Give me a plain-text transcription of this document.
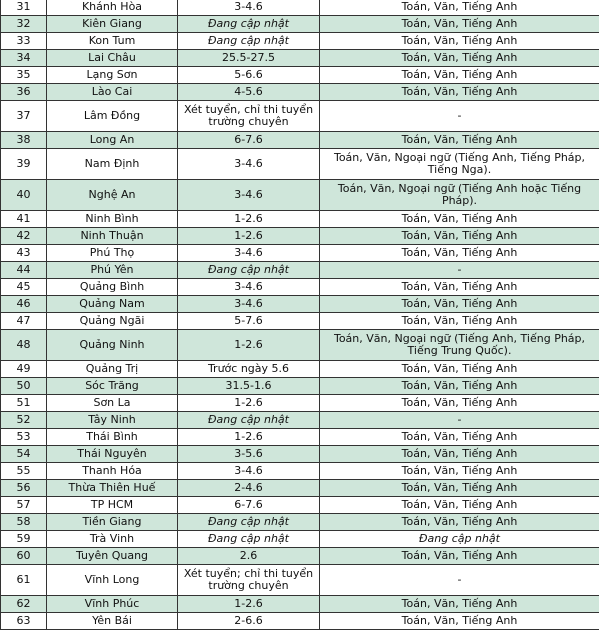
31	Khánh Hòa	3-4.6	Toán, Văn, Tiếng Anh
32	Kiên Giang	Đang cập nhật	Toán, Văn, Tiếng Anh
33	Kon Tum	Đang cập nhật	Toán, Văn, Tiếng Anh
34	Lai Châu	25.5-27.5	Toán, Văn, Tiếng Anh
35	Lạng Sơn	5-6.6	Toán, Văn, Tiếng Anh
36	Lào Cai	4-5.6	Toán, Văn, Tiếng Anh
37	Lâm Đồng	Xét tuyển, chỉ thi tuyển trường chuyên	-
38	Long An	6-7.6	Toán, Văn, Tiếng Anh
39	Nam Định	3-4.6	Toán, Văn, Ngoại ngữ (Tiếng Anh, Tiếng Pháp, Tiếng Nga).
40	Nghệ An	3-4.6	Toán, Văn, Ngoại ngữ (Tiếng Anh hoặc Tiếng Pháp).
41	Ninh Bình	1-2.6	Toán, Văn, Tiếng Anh
42	Ninh Thuận	1-2.6	Toán, Văn, Tiếng Anh
43	Phú Thọ	3-4.6	Toán, Văn, Tiếng Anh
44	Phú Yên	Đang cập nhật	-
45	Quảng Bình	3-4.6	Toán, Văn, Tiếng Anh
46	Quảng Nam	3-4.6	Toán, Văn, Tiếng Anh
47	Quảng Ngãi	5-7.6	Toán, Văn, Tiếng Anh
48	Quảng Ninh	1-2.6	Toán, Văn, Ngoại ngữ (Tiếng Anh, Tiếng Pháp, Tiếng Trung Quốc).
49	Quảng Trị	Trước ngày 5.6	Toán, Văn, Tiếng Anh
50	Sóc Trăng	31.5-1.6	Toán, Văn, Tiếng Anh
51	Sơn La	1-2.6	Toán, Văn, Tiếng Anh
52	Tây Ninh	Đang cập nhật	-
53	Thái Bình	1-2.6	Toán, Văn, Tiếng Anh
54	Thái Nguyên	3-5.6	Toán, Văn, Tiếng Anh
55	Thanh Hóa	3-4.6	Toán, Văn, Tiếng Anh
56	Thừa Thiên Huế	2-4.6	Toán, Văn, Tiếng Anh
57	TP HCM	6-7.6	Toán, Văn, Tiếng Anh
58	Tiền Giang	Đang cập nhật	Toán, Văn, Tiếng Anh
59	Trà Vinh	Đang cập nhật	Đang cập nhật
60	Tuyên Quang	2.6	Toán, Văn, Tiếng Anh
61	Vĩnh Long	Xét tuyển; chỉ thi tuyển trường chuyên	-
62	Vĩnh Phúc	1-2.6	Toán, Văn, Tiếng Anh
63	Yên Bái	2-6.6	Toán, Văn, Tiếng Anh
